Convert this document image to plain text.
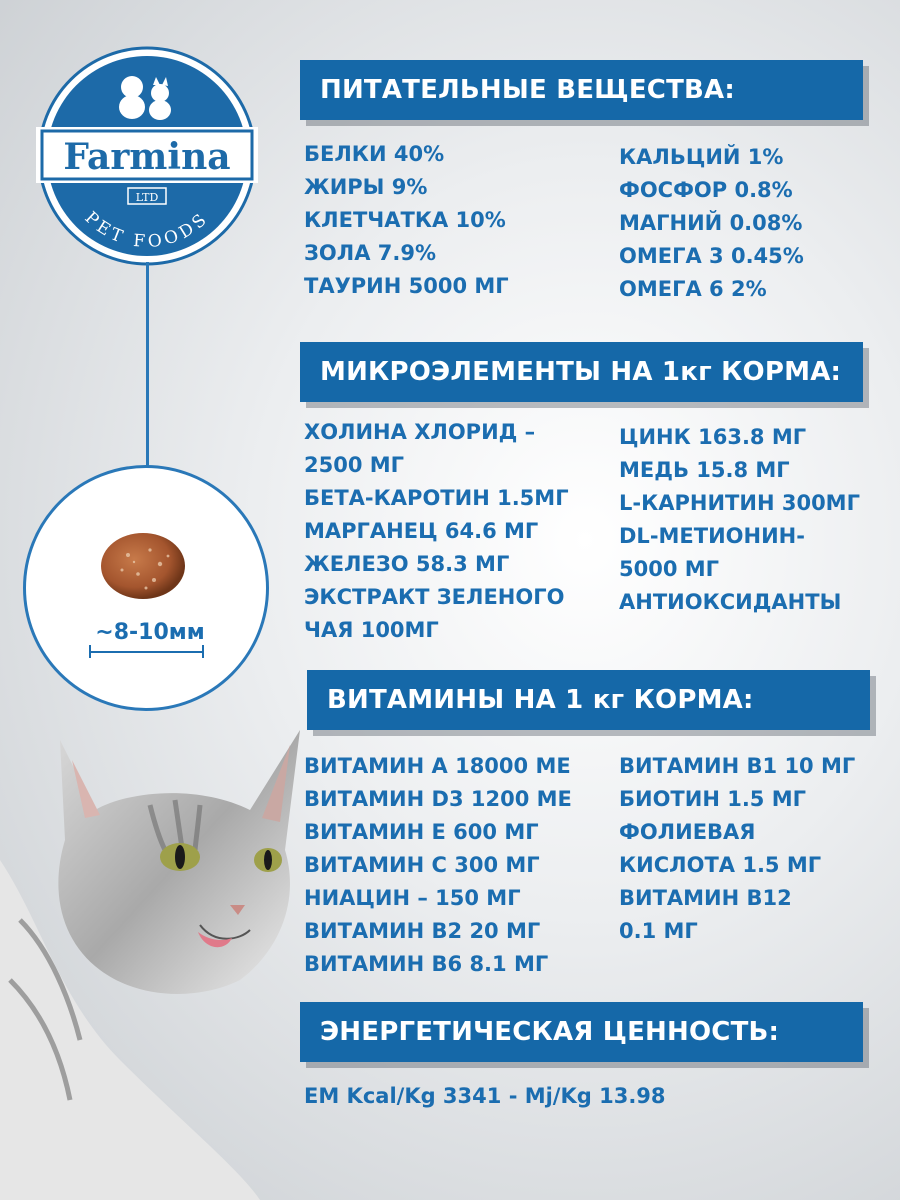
Farmina
LTD
PET FOODS
~8-10мм
ПИТАТЕЛЬНЫЕ ВЕЩЕСТВА:
БЕЛКИ 40%
ЖИРЫ 9%
КЛЕТЧАТКА 10%
ЗОЛА 7.9%
ТАУРИН 5000 МГ
КАЛЬЦИЙ 1%
ФОСФОР 0.8%
МАГНИЙ 0.08%
ОМЕГА 3 0.45%
ОМЕГА 6 2%
МИКРОЭЛЕМЕНТЫ НА 1кг КОРМА:
ХОЛИНА ХЛОРИД –
2500 МГ
БЕТА-КАРОТИН 1.5МГ
МАРГАНЕЦ 64.6 МГ
ЖЕЛЕЗО 58.3 МГ
ЭКСТРАКТ ЗЕЛЕНОГО
ЧАЯ 100МГ
ЦИНК 163.8 МГ
МЕДЬ 15.8 МГ
L-КАРНИТИН 300МГ
DL-МЕТИОНИН-
5000 МГ
АНТИОКСИДАНТЫ
ВИТАМИНЫ НА 1 кг КОРМА:
ВИТАМИН А 18000 МЕ
ВИТАМИН D3 1200 МЕ
ВИТАМИН Е 600 МГ
ВИТАМИН С 300 МГ
НИАЦИН – 150 МГ
ВИТАМИН В2 20 МГ
ВИТАМИН В6 8.1 МГ
ВИТАМИН В1 10 МГ
БИОТИН 1.5 МГ
ФОЛИЕВАЯ
КИСЛОТА 1.5 МГ
ВИТАМИН В12
0.1 МГ
ЭНЕРГЕТИЧЕСКАЯ ЦЕННОСТЬ:
EM Kcal/Kg 3341 - Mj/Kg 13.98
